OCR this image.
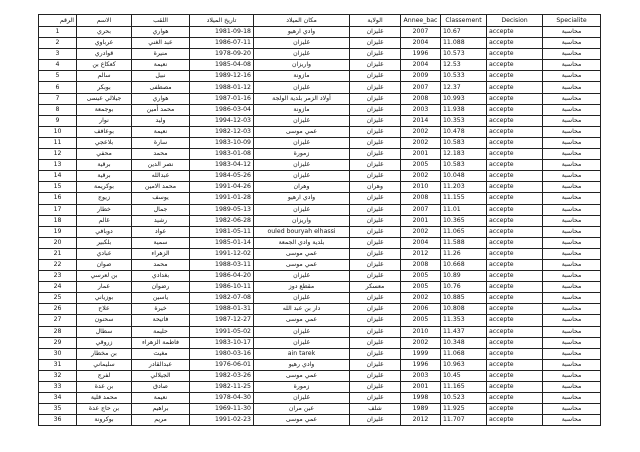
الرقم	الاسم	اللقب	تاريخ الميلاد	مكان الميلاد	الولاية	Annee_bac	Classement	Decision	Specialite
1	بحري	هواري	1981-09-18	وادي ارهيو	غليزان	2007	10.67	accepte	محاسبة
2	عرباوي	عبد الغني	1986-07-11	غليزان	غليزان	2004	11.088	accepte	محاسبة
3	قوادري	منيرة	1978-09-20	غليزان	غليزان	1996	10.573	accepte	محاسبة
4	كعكاع بن	نعيمة	1985-04-08	واريزان	غليزان	2004	12.53	accepte	محاسبة
5	سالم	نبيل	1989-12-16	مازونة	غليزان	2009	10.533	accepte	محاسبة
6	بوبكر	مصطفى	1988-01-12	غليزان	غليزان	2007	12.37	accepte	محاسبة
7	جيلالي عيسى	هواري	1987-01-16	أولاد الزمر بلدية الولجة	غليزان	2008	10.993	accepte	محاسبة
8	بوجمعة	محمد أمين	1986-03-04	مازونة	غليزان	2003	11.938	accepte	محاسبة
9	نوار	وليد	1994-12-03	غليزان	غليزان	2014	10.353	accepte	محاسبة
10	بوعافف	نعيمة	1982-12-03	عمي موسى	غليزان	2002	10.478	accepte	محاسبة
11	بلاعجي	سارة	1983-10-09	غليزان	غليزان	2002	10.583	accepte	محاسبة
12	محفي	محمد	1983-01-08	زمورة	غليزان	2001	12.183	accepte	محاسبة
13	برقية	نصر الدين	1983-04-12	غليزان	غليزان	2005	10.583	accepte	محاسبة
14	برقية	عبدالله	1984-05-26	غليزان	غليزان	2002	10.048	accepte	محاسبة
15	بوكريمة	محمد الامين	1991-04-26	وهران	وهران	2010	11.203	accepte	محاسبة
16	زيوج	يوسف	1991-01-28	وادي ارهيو	غليزان	2008	11.155	accepte	محاسبة
17	خطار	جمال	1989-05-13	غليزان	غليزان	2007	11.01	accepte	محاسبة
18	غالم	رشيد	1982-06-28	واريزان	غليزان	2001	10.365	accepte	محاسبة
19	دوبافي	عواد	1981-05-11	ouled bouryah elhassi	غليزان	2002	11.065	accepte	محاسبة
20	بلكبير	سمية	1985-01-14	بلدية وادي الجمعة	غليزان	2004	11.588	accepte	محاسبة
21	عبادي	الزهراء	1991-12-02	عمي موسى	غليزان	2012	11.26	accepte	محاسبة
22	صوان	محمد	1988-03-11	عمي موسى	غليزان	2008	10.668	accepte	محاسبة
23	بن لعرسي	بغدادي	1986-04-20	غليزان	غليزان	2005	10.89	accepte	محاسبة
24	عمار	رضوان	1986-10-11	مقطع دوز	معسكر	2005	10.76	accepte	محاسبة
25	بوزياني	ياسين	1982-07-08	غليزان	غليزان	2002	10.885	accepte	محاسبة
26	علاح	خيرة	1988-01-31	دار بن عبد الله	غليزان	2006	10.808	accepte	محاسبة
27	سحنون	فاتيحة	1987-12-27	عمي موسى	غليزان	2005	11.353	accepte	محاسبة
28	سطال	حليمة	1991-05-02	غليزان	غليزان	2010	11.437	accepte	محاسبة
29	زروقي	فاطمة الزهراء	1983-10-17	غليزان	غليزان	2002	10.348	accepte	محاسبة
30	بن مخطار	مغيث	1980-03-16	ain tarek	غليزان	1999	11.068	accepte	محاسبة
31	سليماني	عبدالقادر	1976-06-01	وادي رهيو	غليزان	1996	10.963	accepte	محاسبة
32	لفرج	الجيلالي	1982-03-26	عمي موسى	غليزان	2003	10.45	accepte	محاسبة
33	بن عدة	صادق	1982-11-25	زمورة	غليزان	2001	11.165	accepte	محاسبة
34	محمد قلية	نعيمة	1978-04-30	غليزان	غليزان	1998	10.523	accepte	محاسبة
35	بن حاج عدة	براهيم	1969-11-30	عين مران	شلف	1989	11.925	accepte	محاسبة
36	بوكرونة	مريم	1991-02-23	عمي موسى	غليزان	2012	11.707	accepte	محاسبة
